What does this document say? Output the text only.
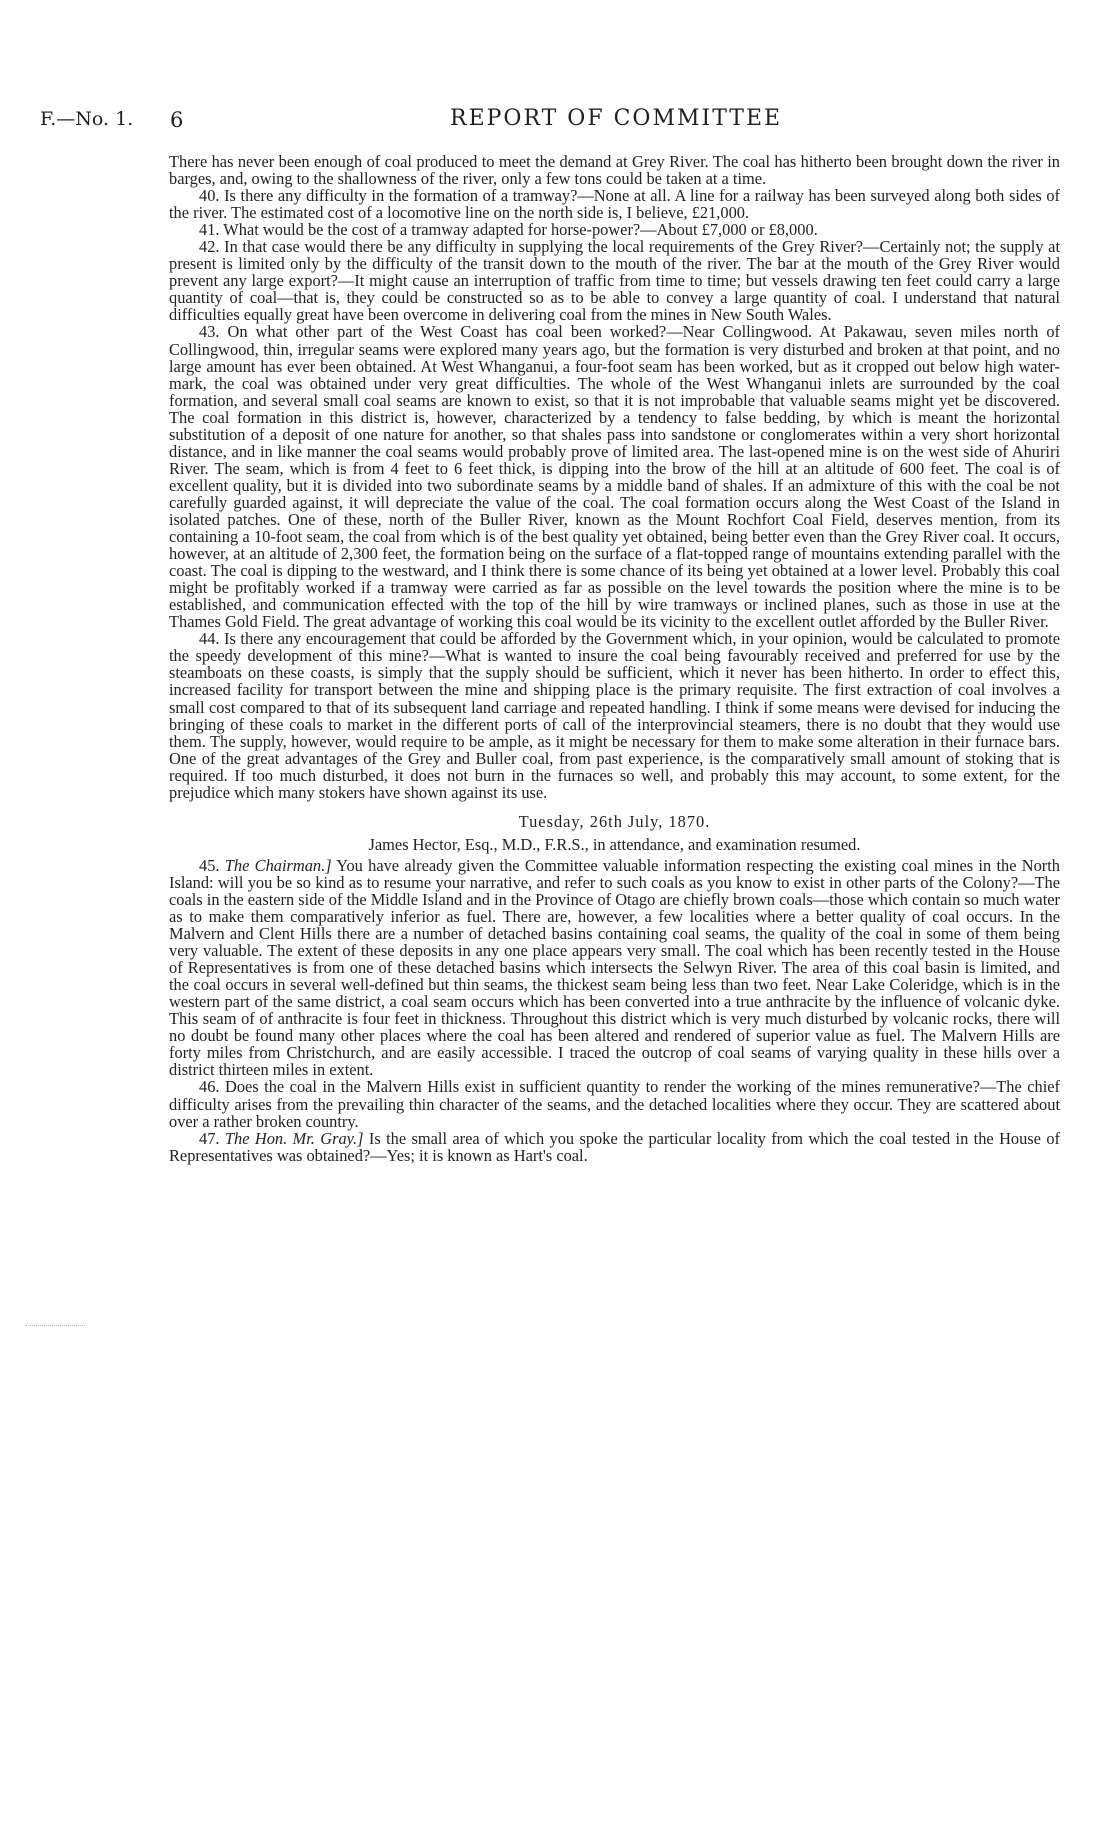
F.—No. 1. 6	REPORT OF COMMITTEE

There has never been enough of coal produced to meet the demand at Grey River. The coal has hitherto been brought down the river in barges, and, owing to the shallowness of the river, only a few tons could be taken at a time.

40. Is there any difficulty in the formation of a tramway?—None at all. A line for a railway has been surveyed along both sides of the river. The estimated cost of a locomotive line on the north side is, I believe, £21,000.

41. What would be the cost of a tramway adapted for horse-power?—About £7,000 or £8,000.

42. In that case would there be any difficulty in supplying the local requirements of the Grey River?—Certainly not; the supply at present is limited only by the difficulty of the transit down to the mouth of the river. The bar at the mouth of the Grey River would prevent any large export?—It might cause an interruption of traffic from time to time; but vessels drawing ten feet could carry a large quantity of coal—that is, they could be constructed so as to be able to convey a large quantity of coal. I understand that natural difficulties equally great have been overcome in delivering coal from the mines in New South Wales.

43. On what other part of the West Coast has coal been worked?—Near Collingwood. At Pakawau, seven miles north of Collingwood, thin, irregular seams were explored many years ago, but the formation is very disturbed and broken at that point, and no large amount has ever been obtained. At West Whanganui, a four-foot seam has been worked, but as it cropped out below high water-mark, the coal was obtained under very great difficulties. The whole of the West Whanganui inlets are surrounded by the coal formation, and several small coal seams are known to exist, so that it is not improbable that valuable seams might yet be discovered. The coal formation in this district is, however, characterized by a tendency to false bedding, by which is meant the horizontal substitution of a deposit of one nature for another, so that shales pass into sandstone or conglomerates within a very short horizontal distance, and in like manner the coal seams would probably prove of limited area. The last-opened mine is on the west side of Ahuriri River. The seam, which is from 4 feet to 6 feet thick, is dipping into the brow of the hill at an altitude of 600 feet. The coal is of excellent quality, but it is divided into two subordinate seams by a middle band of shales. If an admixture of this with the coal be not carefully guarded against, it will depreciate the value of the coal. The coal formation occurs along the West Coast of the Island in isolated patches. One of these, north of the Buller River, known as the Mount Rochfort Coal Field, deserves mention, from its containing a 10-foot seam, the coal from which is of the best quality yet obtained, being better even than the Grey River coal. It occurs, however, at an altitude of 2,300 feet, the formation being on the surface of a flat-topped range of mountains extending parallel with the coast. The coal is dipping to the westward, and I think there is some chance of its being yet obtained at a lower level. Probably this coal might be profitably worked if a tramway were carried as far as possible on the level towards the position where the mine is to be established, and communication effected with the top of the hill by wire tramways or inclined planes, such as those in use at the Thames Gold Field. The great advantage of working this coal would be its vicinity to the excellent outlet afforded by the Buller River.

44. Is there any encouragement that could be afforded by the Government which, in your opinion, would be calculated to promote the speedy development of this mine?—What is wanted to insure the coal being favourably received and preferred for use by the steamboats on these coasts, is simply that the supply should be sufficient, which it never has been hitherto. In order to effect this, increased facility for transport between the mine and shipping place is the primary requisite. The first extraction of coal involves a small cost compared to that of its subsequent land carriage and repeated handling. I think if some means were devised for inducing the bringing of these coals to market in the different ports of call of the interprovincial steamers, there is no doubt that they would use them. The supply, however, would require to be ample, as it might be necessary for them to make some alteration in their furnace bars. One of the great advantages of the Grey and Buller coal, from past experience, is the comparatively small amount of stoking that is required. If too much disturbed, it does not burn in the furnaces so well, and probably this may account, to some extent, for the prejudice which many stokers have shown against its use.

Tuesday, 26th July, 1870.

James Hector, Esq., M.D., F.R.S., in attendance, and examination resumed.

45. The Chairman.] You have already given the Committee valuable information respecting the existing coal mines in the North Island: will you be so kind as to resume your narrative, and refer to such coals as you know to exist in other parts of the Colony?—The coals in the eastern side of the Middle Island and in the Province of Otago are chiefly brown coals—those which contain so much water as to make them comparatively inferior as fuel. There are, however, a few localities where a better quality of coal occurs. In the Malvern and Clent Hills there are a number of detached basins containing coal seams, the quality of the coal in some of them being very valuable. The extent of these deposits in any one place appears very small. The coal which has been recently tested in the House of Representatives is from one of these detached basins which intersects the Selwyn River. The area of this coal basin is limited, and the coal occurs in several well-defined but thin seams, the thickest seam being less than two feet. Near Lake Coleridge, which is in the western part of the same district, a coal seam occurs which has been converted into a true anthracite by the influence of volcanic dyke. This seam of of anthracite is four feet in thickness. Throughout this district which is very much disturbed by volcanic rocks, there will no doubt be found many other places where the coal has been altered and rendered of superior value as fuel. The Malvern Hills are forty miles from Christchurch, and are easily accessible. I traced the outcrop of coal seams of varying quality in these hills over a district thirteen miles in extent.

46. Does the coal in the Malvern Hills exist in sufficient quantity to render the working of the mines remunerative?—The chief difficulty arises from the prevailing thin character of the seams, and the detached localities where they occur. They are scattered about over a rather broken country.

47. The Hon. Mr. Gray.] Is the small area of which you spoke the particular locality from which the coal tested in the House of Representatives was obtained?—Yes; it is known as Hart's coal.
